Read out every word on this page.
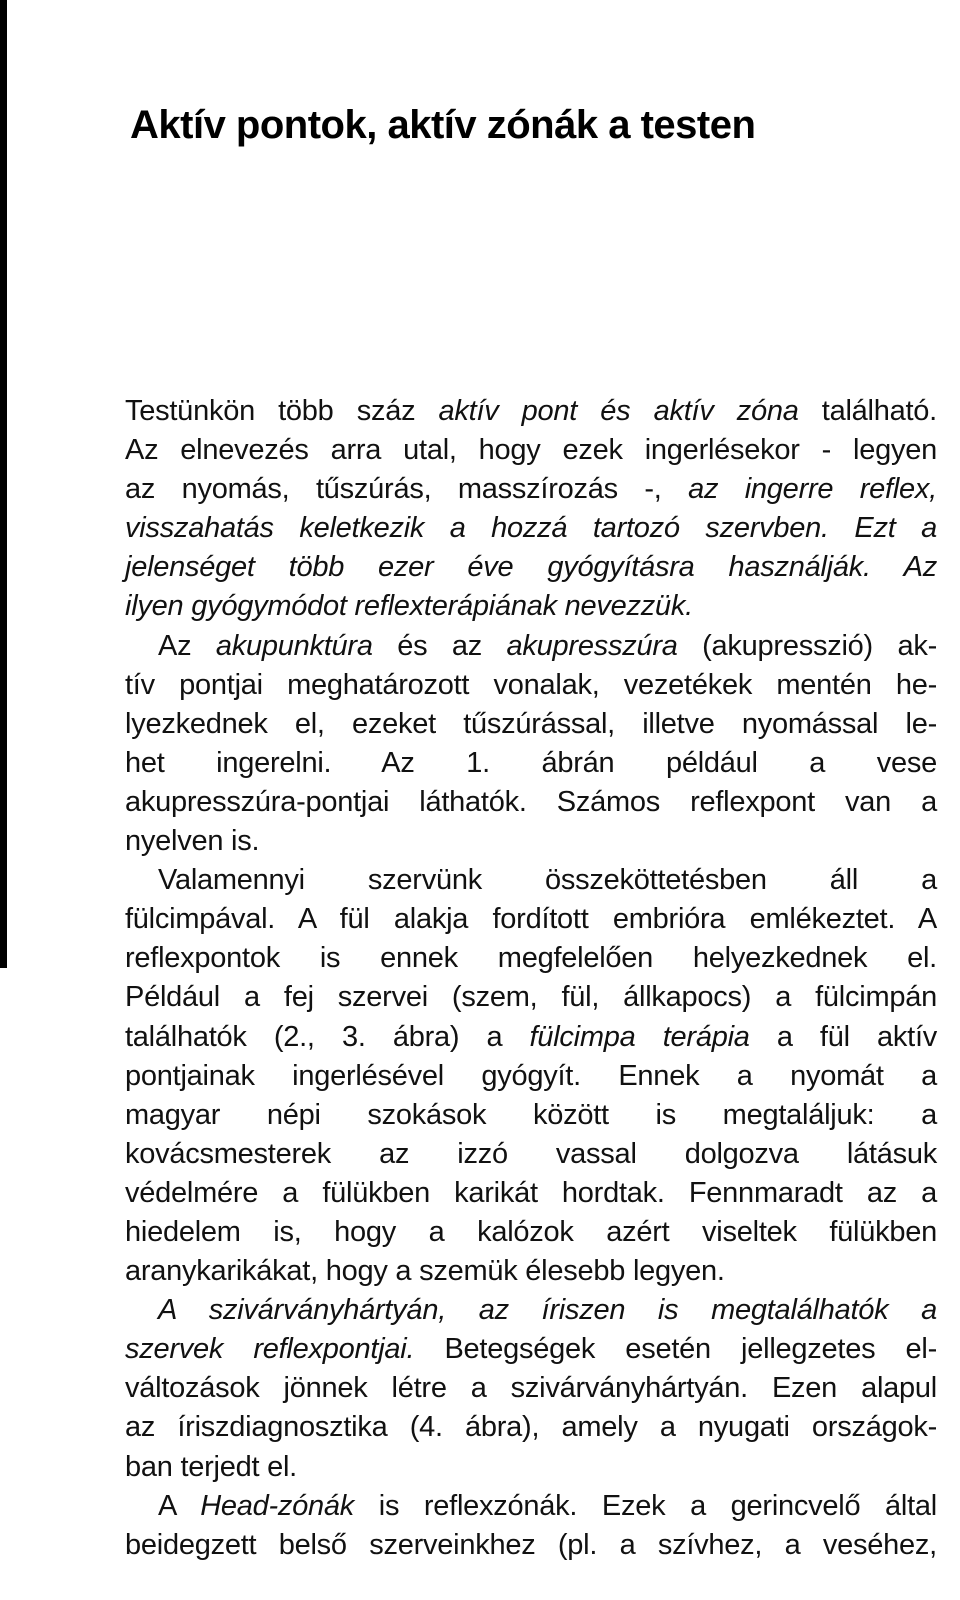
Aktív pontok, aktív zónák a testen
Testünkön több száz aktív pont és aktív zóna található.
Az elnevezés arra utal, hogy ezek ingerlésekor - legyen
az nyomás, tűszúrás, masszírozás -, az ingerre reflex,
visszahatás keletkezik a hozzá tartozó szervben. Ezt a
jelenséget több ezer éve gyógyításra használják. Az
ilyen gyógymódot reflexterápiának nevezzük.
Az akupunktúra és az akupresszúra (akupresszió) ak-
tív pontjai meghatározott vonalak, vezetékek mentén he-
lyezkednek el, ezeket tűszúrással, illetve nyomással le-
het ingerelni. Az 1. ábrán például a vese
akupresszúra-pontjai láthatók. Számos reflexpont van a
nyelven is.
Valamennyi szervünk összeköttetésben áll a
fülcimpával. A fül alakja fordított embrióra emlékeztet. A
reflexpontok is ennek megfelelően helyezkednek el.
Például a fej szervei (szem, fül, állkapocs) a fülcimpán
találhatók (2., 3. ábra) a fülcimpa terápia a fül aktív
pontjainak ingerlésével gyógyít. Ennek a nyomát a
magyar népi szokások között is megtaláljuk: a
kovácsmesterek az izzó vassal dolgozva látásuk
védelmére a fülükben karikát hordtak. Fennmaradt az a
hiedelem is, hogy a kalózok azért viseltek fülükben
aranykarikákat, hogy a szemük élesebb legyen.
A szivárványhártyán, az íriszen is megtalálhatók a
szervek reflexpontjai. Betegségek esetén jellegzetes el-
változások jönnek létre a szivárványhártyán. Ezen alapul
az íriszdiagnosztika (4. ábra), amely a nyugati országok-
ban terjedt el.
A Head-zónák is reflexzónák. Ezek a gerincvelő által
beidegzett belső szerveinkhez (pl. a szívhez, a veséhez,
